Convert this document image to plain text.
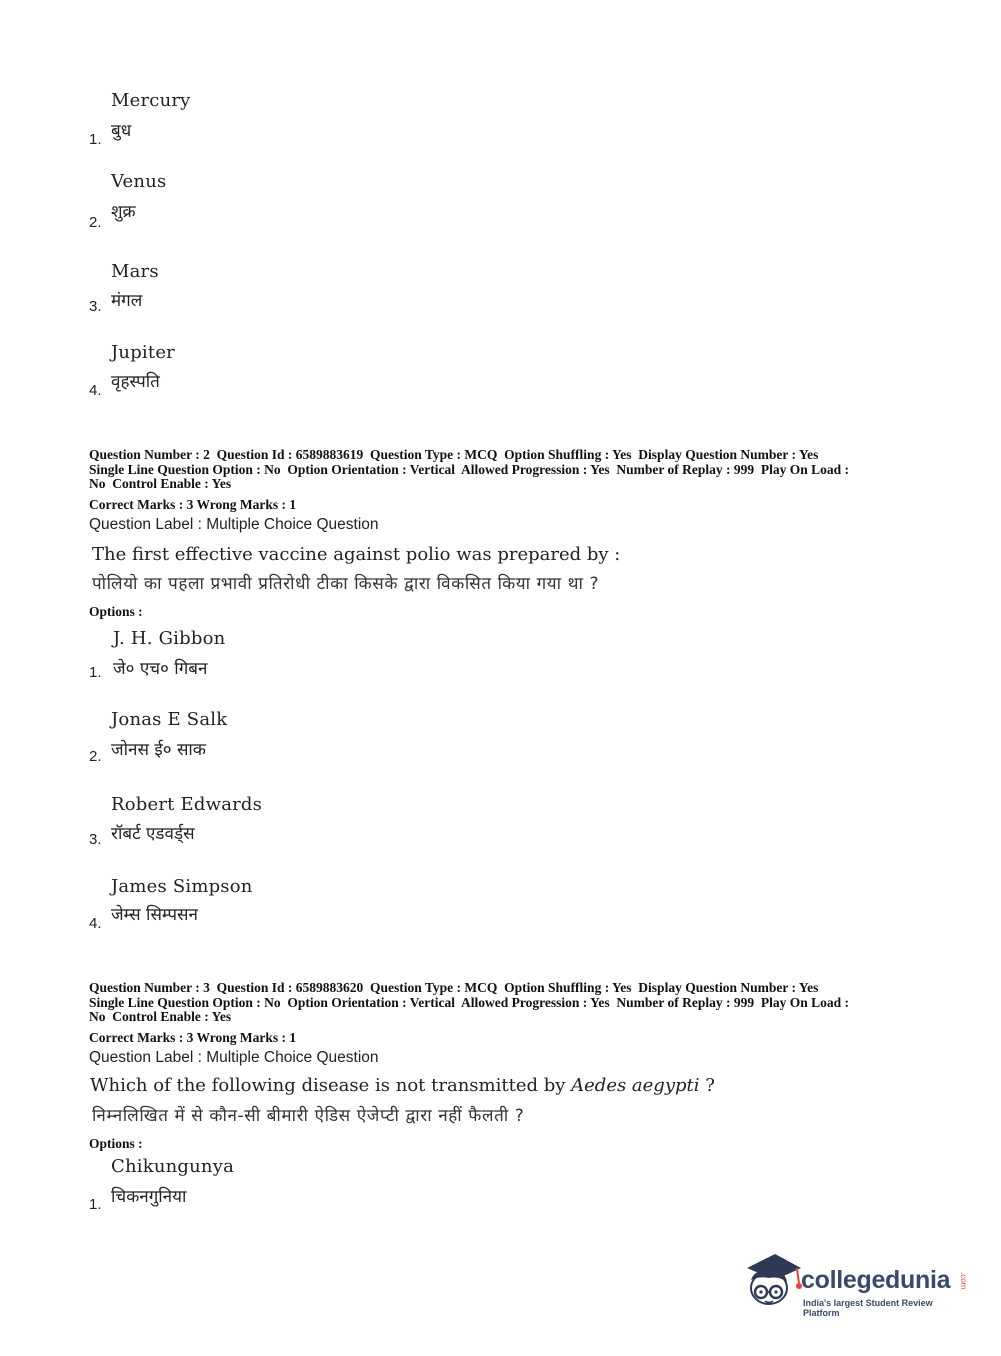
Mercury
बुध
1.
Venus
शुक्र
2.
Mars
मंगल
3.
Jupiter
वृहस्पति
4.
Question Number : 2  Question Id : 6589883619  Question Type : MCQ  Option Shuffling : Yes  Display Question Number : Yes
Single Line Question Option : No  Option Orientation : Vertical  Allowed Progression : Yes  Number of Replay : 999  Play On Load :
No  Control Enable : Yes
Correct Marks : 3 Wrong Marks : 1
Question Label : Multiple Choice Question
The first effective vaccine against polio was prepared by :
पोलियो का पहला प्रभावी प्रतिरोधी टीका किसके द्वारा विकसित किया गया था ?
Options :
J. H. Gibbon
जे० एच० गिबन
1.
Jonas E Salk
जोनस ई० साक
2.
Robert Edwards
रॉबर्ट एडवर्ड्स
3.
James Simpson
जेम्स सिम्पसन
4.
Question Number : 3  Question Id : 6589883620  Question Type : MCQ  Option Shuffling : Yes  Display Question Number : Yes
Single Line Question Option : No  Option Orientation : Vertical  Allowed Progression : Yes  Number of Replay : 999  Play On Load :
No  Control Enable : Yes
Correct Marks : 3 Wrong Marks : 1
Question Label : Multiple Choice Question
Which of the following disease is not transmitted by Aedes aegypti ?
निम्नलिखित में से कौन-सी बीमारी ऐडिस ऐजेप्टी द्वारा नहीं फैलती ?
Options :
Chikungunya
चिकनगुनिया
1.
collegedunia .com
India's largest Student Review Platform
